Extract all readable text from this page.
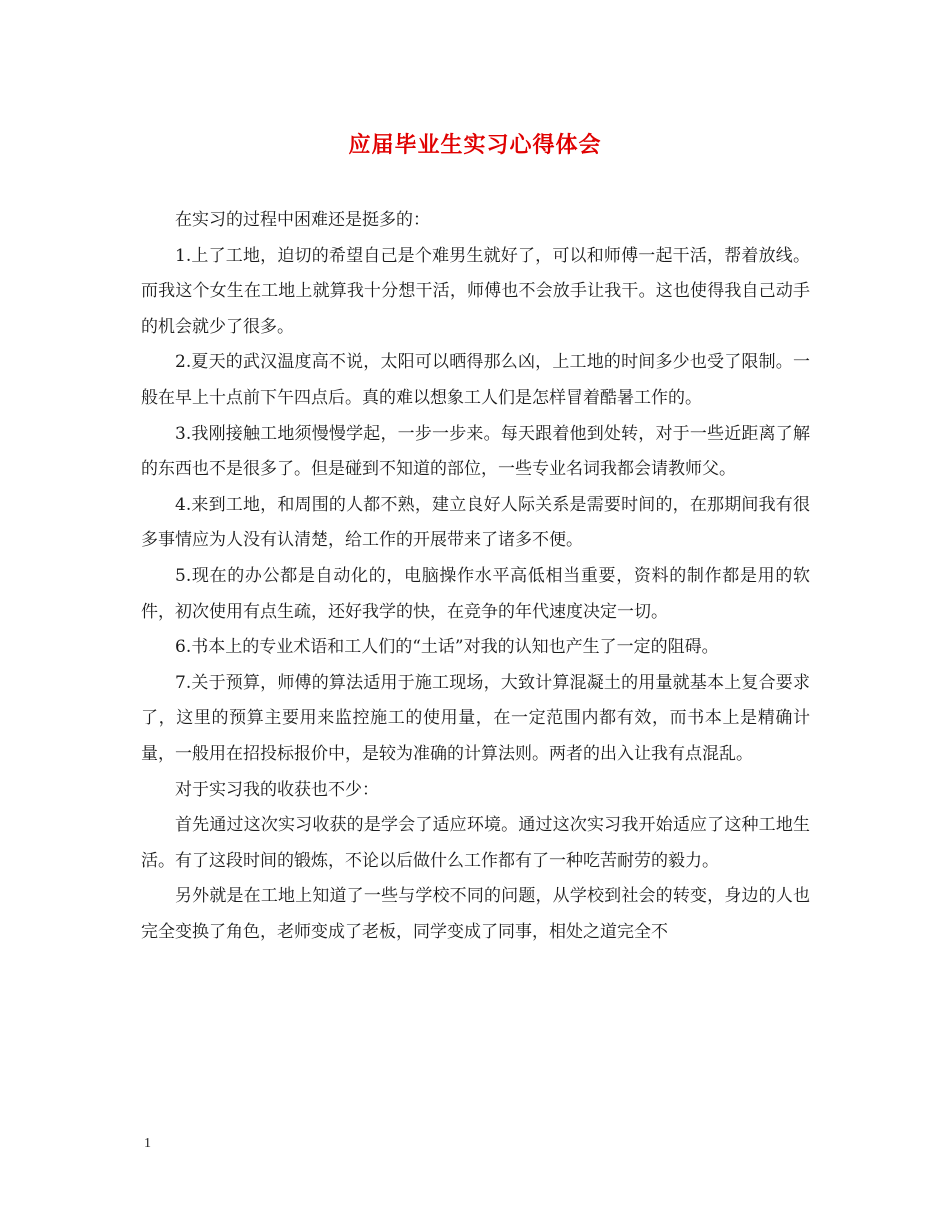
应届毕业生实习心得体会

在实习的过程中困难还是挺多的：

1.上了工地，迫切的希望自己是个难男生就好了，可以和师傅一起干活，帮着放线。而我这个女生在工地上就算我十分想干活，师傅也不会放手让我干。这也使得我自己动手的机会就少了很多。

2.夏天的武汉温度高不说，太阳可以晒得那么凶，上工地的时间多少也受了限制。一般在早上十点前下午四点后。真的难以想象工人们是怎样冒着酷暑工作的。

3.我刚接触工地须慢慢学起，一步一步来。每天跟着他到处转，对于一些近距离了解的东西也不是很多了。但是碰到不知道的部位，一些专业名词我都会请教师父。

4.来到工地，和周围的人都不熟，建立良好人际关系是需要时间的，在那期间我有很多事情应为人没有认清楚，给工作的开展带来了诸多不便。

5.现在的办公都是自动化的，电脑操作水平高低相当重要，资料的制作都是用的软件，初次使用有点生疏，还好我学的快，在竞争的年代速度决定一切。

6.书本上的专业术语和工人们的“土话”对我的认知也产生了一定的阻碍。

7.关于预算，师傅的算法适用于施工现场，大致计算混凝土的用量就基本上复合要求了，这里的预算主要用来监控施工的使用量，在一定范围内都有效，而书本上是精确计量，一般用在招投标报价中，是较为准确的计算法则。两者的出入让我有点混乱。

对于实习我的收获也不少：

首先通过这次实习收获的是学会了适应环境。通过这次实习我开始适应了这种工地生活。有了这段时间的锻炼，不论以后做什么工作都有了一种吃苦耐劳的毅力。

另外就是在工地上知道了一些与学校不同的问题，从学校到社会的转变，身边的人也完全变换了角色，老师变成了老板，同学变成了同事，相处之道完全不

1
